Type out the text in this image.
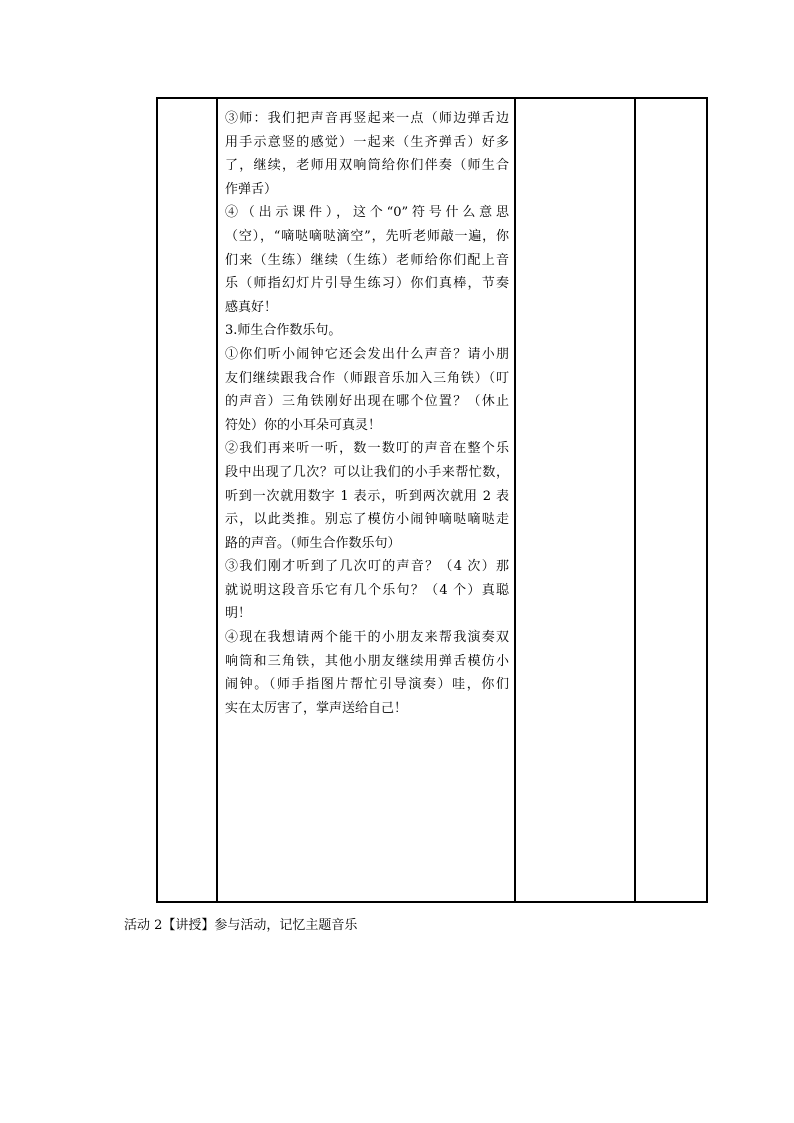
③师：我们把声音再竖起来一点（师边弹舌边
用手示意竖的感觉）一起来（生齐弹舌）好多
了，继续，老师用双响筒给你们伴奏（师生合
作弹舌）
④（出示课件），这个“0”符号什么意思
（空），“嘀哒嘀哒滴空”，先听老师敲一遍，你
们来（生练）继续（生练）老师给你们配上音
乐（师指幻灯片引导生练习）你们真棒，节奏
感真好！
3.师生合作数乐句。
①你们听小闹钟它还会发出什么声音？请小朋
友们继续跟我合作（师跟音乐加入三角铁）（叮
的声音）三角铁刚好出现在哪个位置？（休止
符处）你的小耳朵可真灵！
②我们再来听一听，数一数叮的声音在整个乐
段中出现了几次？可以让我们的小手来帮忙数，
听到一次就用数字 1 表示，听到两次就用 2 表
示，以此类推。别忘了模仿小闹钟嘀哒嘀哒走
路的声音。（师生合作数乐句）
③我们刚才听到了几次叮的声音？（4 次）那
就说明这段音乐它有几个乐句？（4 个）真聪
明！
④现在我想请两个能干的小朋友来帮我演奏双
响筒和三角铁，其他小朋友继续用弹舌模仿小
闹钟。（师手指图片帮忙引导演奏）哇，你们
实在太厉害了，掌声送给自己！

活动 2【讲授】参与活动，记忆主题音乐
